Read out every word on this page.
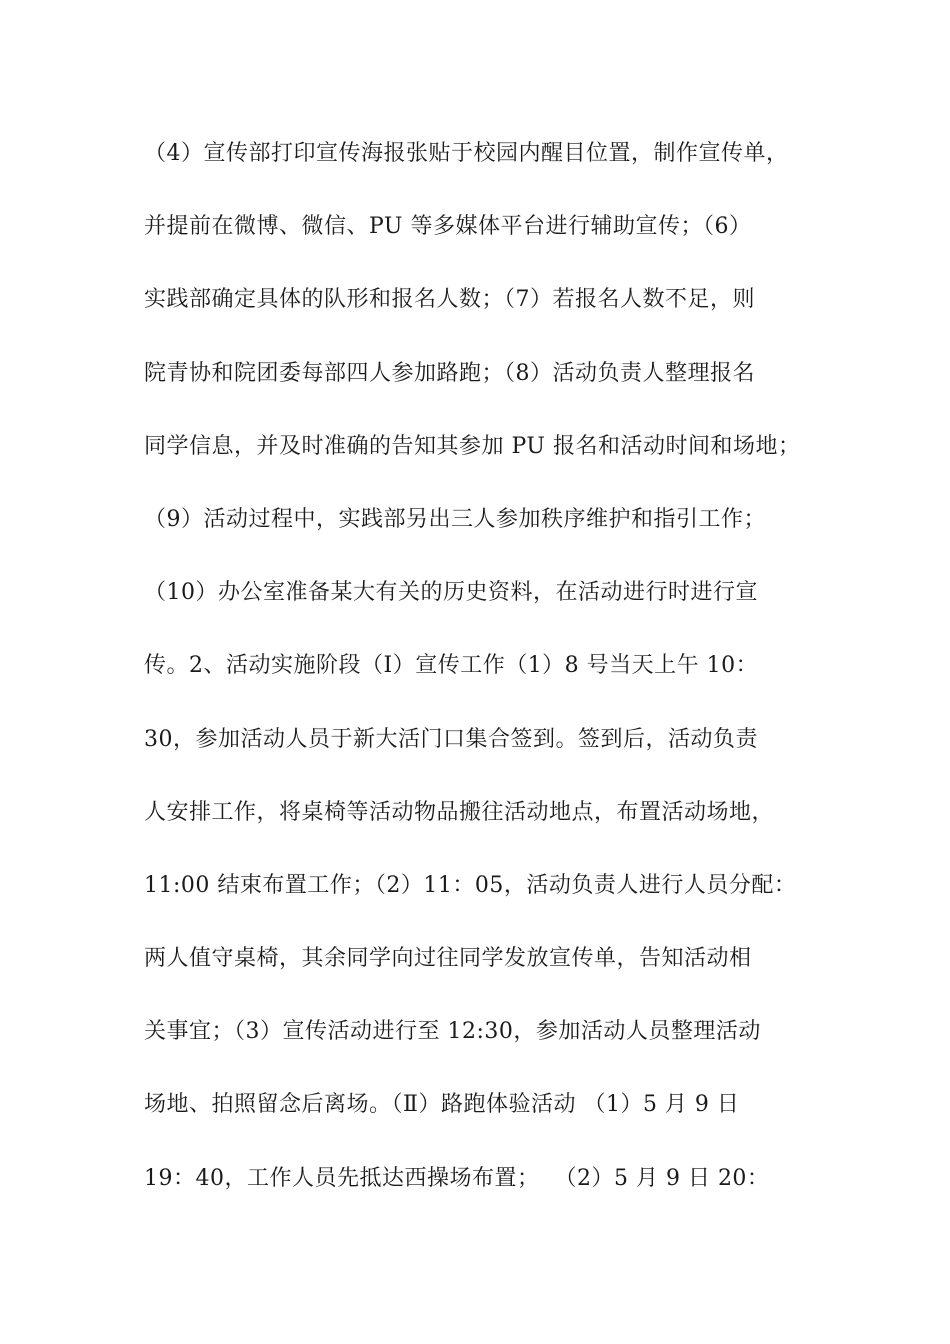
（4）宣传部打印宣传海报张贴于校园内醒目位置，制作宣传单，
并提前在微博、微信、PU 等多媒体平台进行辅助宣传；（6）
实践部确定具体的队形和报名人数；（7）若报名人数不足，则
院青协和院团委每部四人参加路跑；（8）活动负责人整理报名
同学信息，并及时准确的告知其参加 PU 报名和活动时间和场地；
（9）活动过程中，实践部另出三人参加秩序维护和指引工作；
（10）办公室准备某大有关的历史资料，在活动进行时进行宣
传。2、活动实施阶段（Ⅰ）宣传工作（1）8 号当天上午 10：
30，参加活动人员于新大活门口集合签到。签到后，活动负责
人安排工作，将桌椅等活动物品搬往活动地点，布置活动场地，
11:00 结束布置工作；（2）11：05，活动负责人进行人员分配：
两人值守桌椅，其余同学向过往同学发放宣传单，告知活动相
关事宜；（3）宣传活动进行至 12:30，参加活动人员整理活动
场地、拍照留念后离场。（Ⅱ）路跑体验活动 （1）5 月 9 日
19：40，工作人员先抵达西操场布置；  （2）5 月 9 日 20：
